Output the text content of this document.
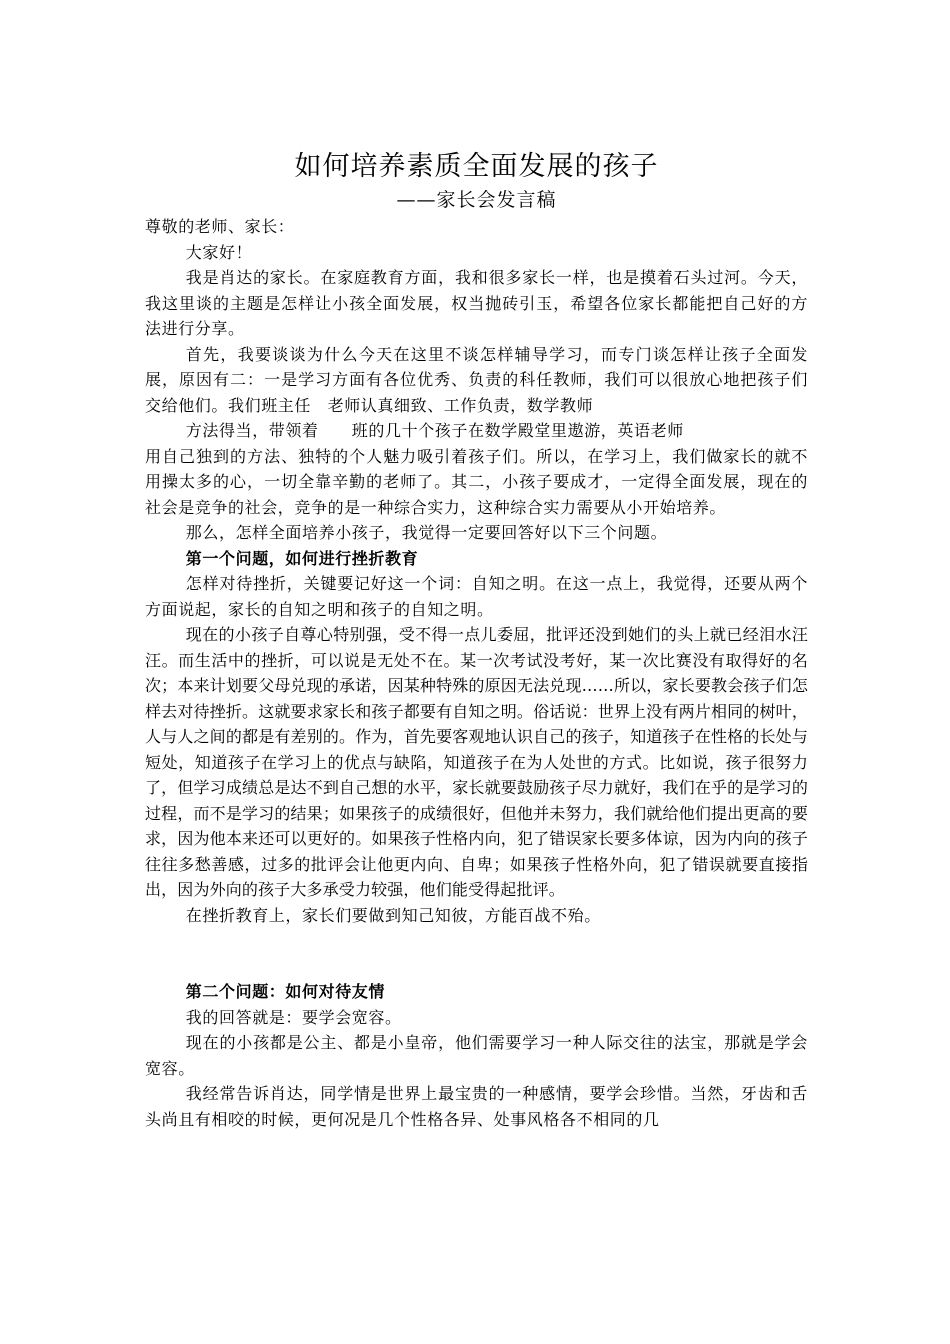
如何培养素质全面发展的孩子
——家长会发言稿

尊敬的老师、家长：

大家好！

我是肖达的家长。在家庭教育方面，我和很多家长一样，也是摸着石头过河。今天，我这里谈的主题是怎样让小孩全面发展，权当抛砖引玉，希望各位家长都能把自己好的方法进行分享。

首先，我要谈谈为什么今天在这里不谈怎样辅导学习，而专门谈怎样让孩子全面发展，原因有二：一是学习方面有各位优秀、负责的科任教师，我们可以很放心地把孩子们交给他们。我们班主任　老师认真细致、工作负责，数学教师

方法得当，带领着　　班的几十个孩子在数学殿堂里遨游，英语老师

用自己独到的方法、独特的个人魅力吸引着孩子们。所以，在学习上，我们做家长的就不用操太多的心，一切全靠辛勤的老师了。其二，小孩子要成才，一定得全面发展，现在的社会是竞争的社会，竞争的是一种综合实力，这种综合实力需要从小开始培养。

那么，怎样全面培养小孩子，我觉得一定要回答好以下三个问题。

第一个问题，如何进行挫折教育

怎样对待挫折，关键要记好这一个词：自知之明。在这一点上，我觉得，还要从两个方面说起，家长的自知之明和孩子的自知之明。

现在的小孩子自尊心特别强，受不得一点儿委屈，批评还没到她们的头上就已经泪水汪汪。而生活中的挫折，可以说是无处不在。某一次考试没考好，某一次比赛没有取得好的名次；本来计划要父母兑现的承诺，因某种特殊的原因无法兑现……所以，家长要教会孩子们怎样去对待挫折。这就要求家长和孩子都要有自知之明。俗话说：世界上没有两片相同的树叶，人与人之间的都是有差别的。作为，首先要客观地认识自己的孩子，知道孩子在性格的长处与短处，知道孩子在学习上的优点与缺陷，知道孩子在为人处世的方式。比如说，孩子很努力了，但学习成绩总是达不到自己想的水平，家长就要鼓励孩子尽力就好，我们在乎的是学习的过程，而不是学习的结果；如果孩子的成绩很好，但他并未努力，我们就给他们提出更高的要求，因为他本来还可以更好的。如果孩子性格内向，犯了错误家长要多体谅，因为内向的孩子往往多愁善感，过多的批评会让他更内向、自卑；如果孩子性格外向，犯了错误就要直接指出，因为外向的孩子大多承受力较强，他们能受得起批评。

在挫折教育上，家长们要做到知己知彼，方能百战不殆。

第二个问题：如何对待友情

我的回答就是：要学会宽容。

现在的小孩都是公主、都是小皇帝，他们需要学习一种人际交往的法宝，那就是学会宽容。

我经常告诉肖达，同学情是世界上最宝贵的一种感情，要学会珍惜。当然，牙齿和舌头尚且有相咬的时候，更何况是几个性格各异、处事风格各不相同的几
